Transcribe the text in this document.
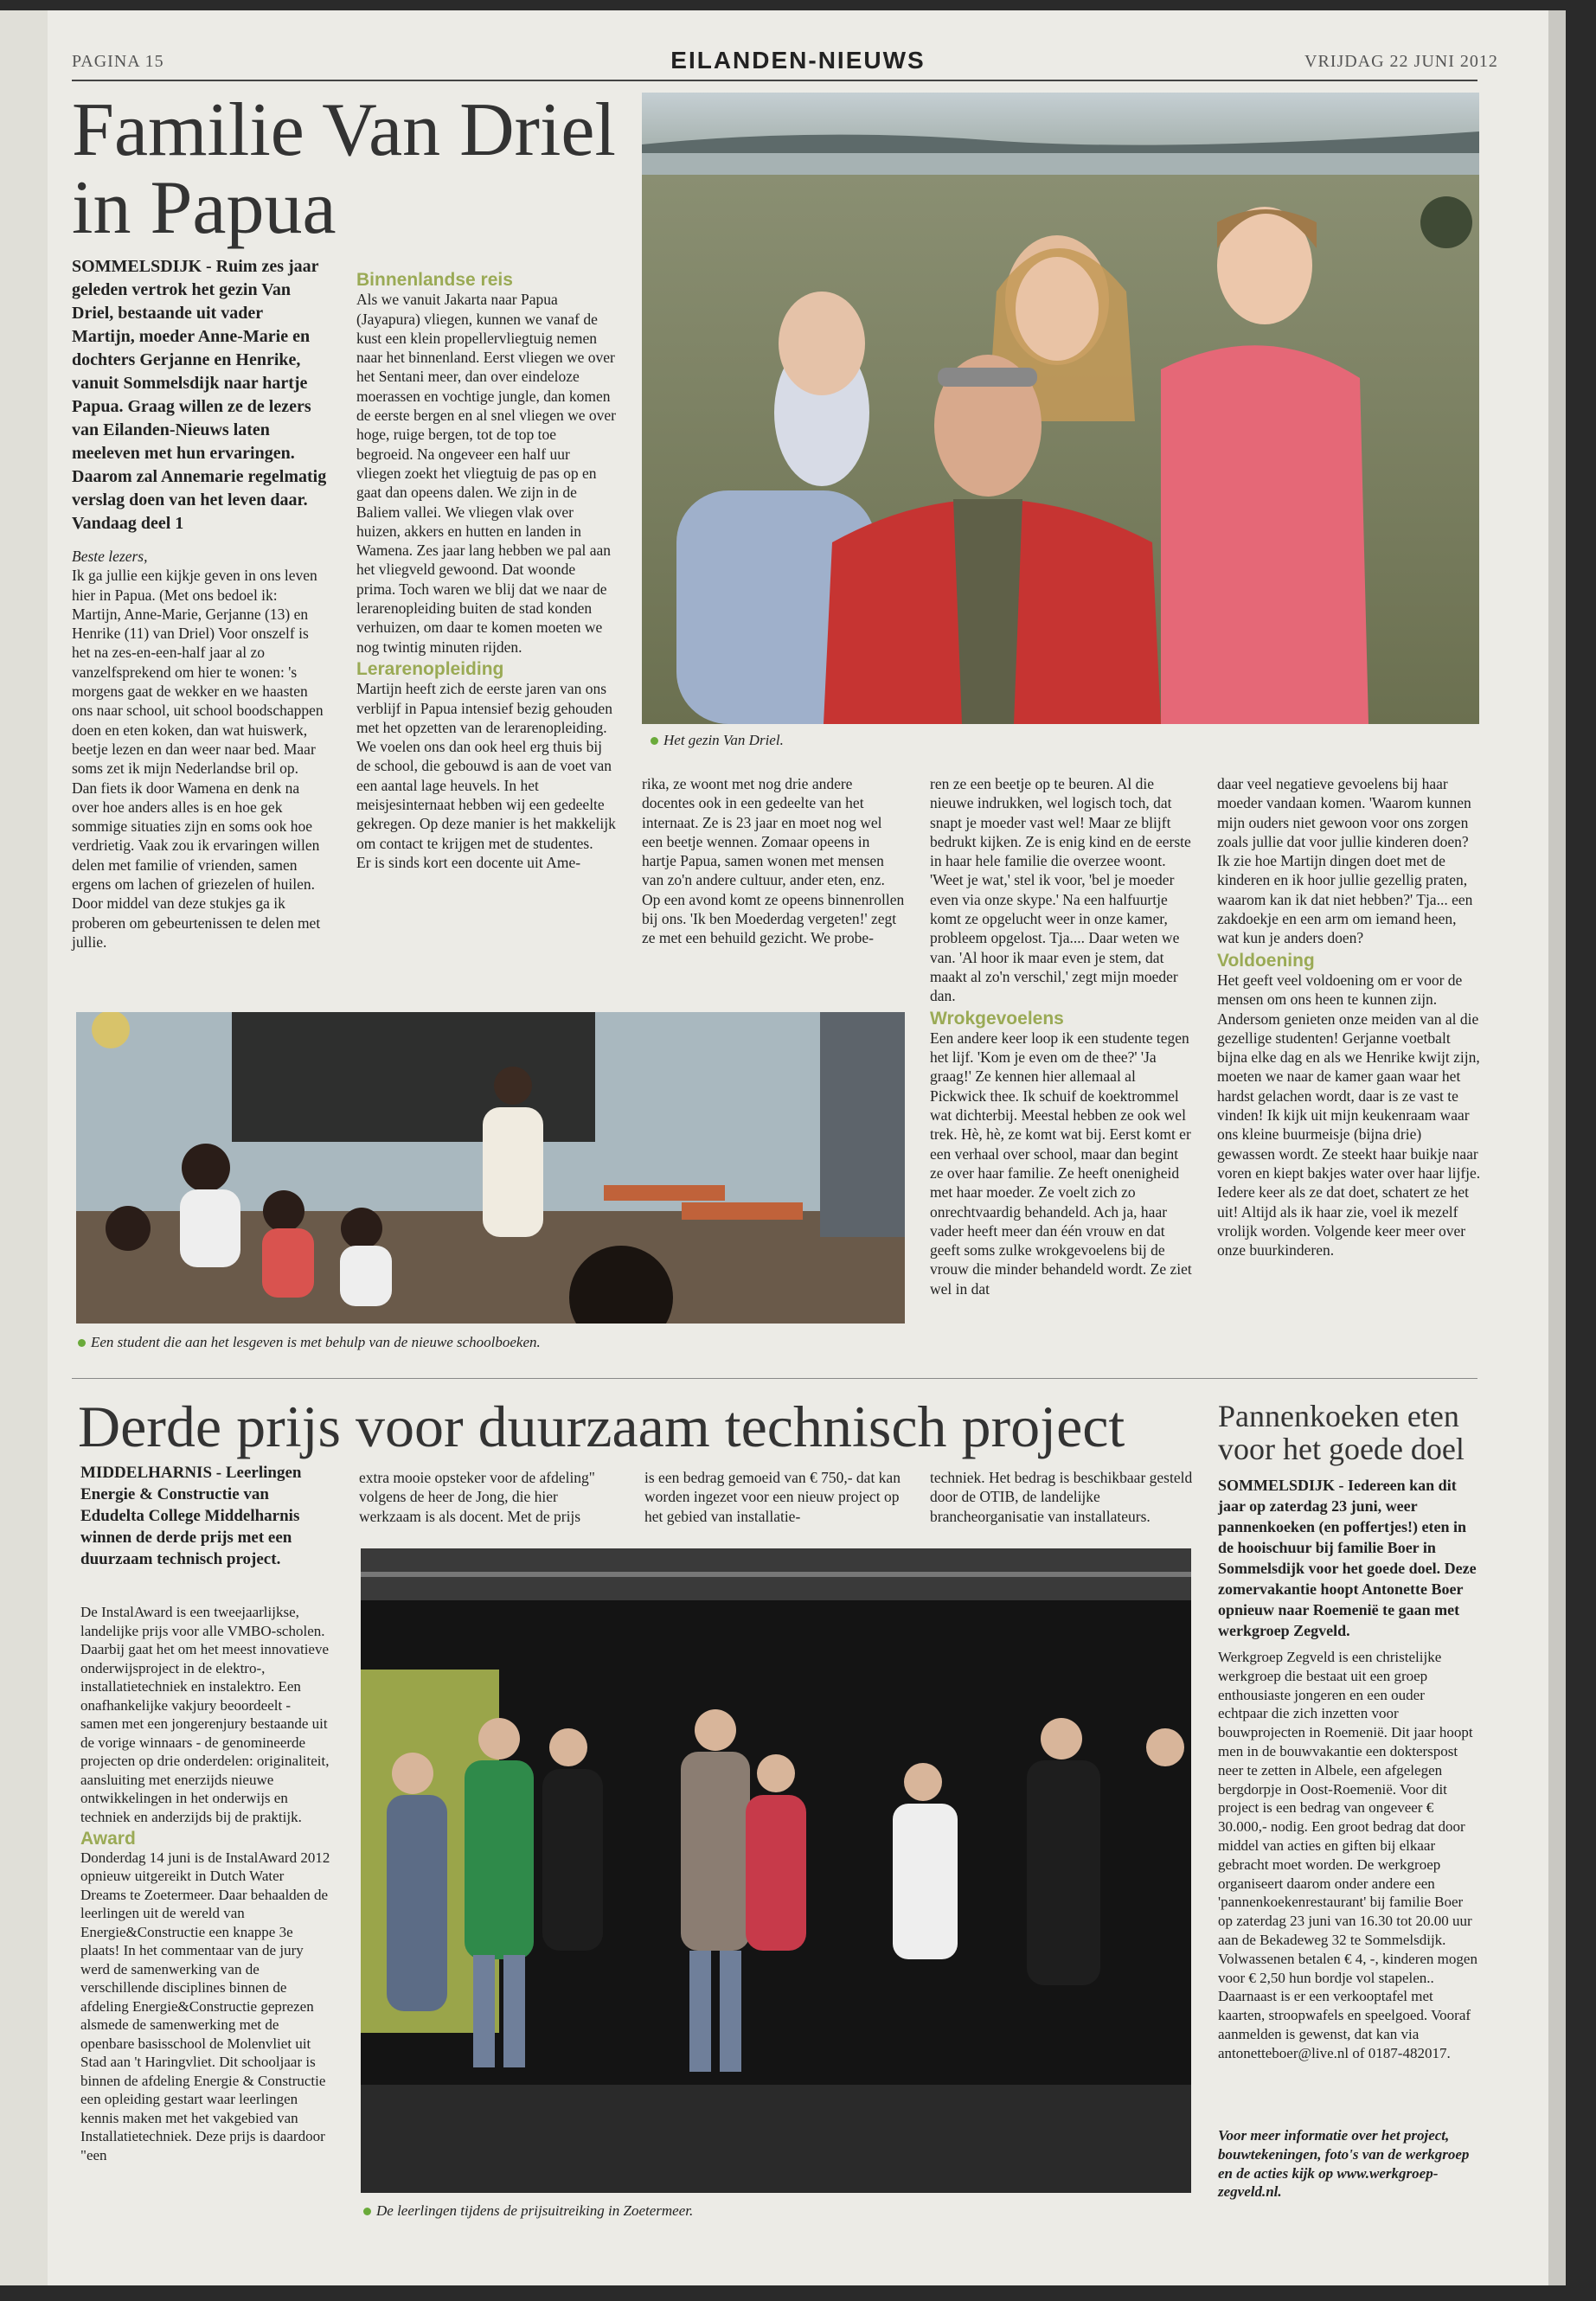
PAGINA 15	EILANDEN-NIEUWS	VRIJDAG 22 JUNI 2012
Familie Van Driel
in Papua
SOMMELSDIJK - Ruim zes jaar geleden vertrok het gezin Van Driel, bestaande uit vader Martijn, moeder Anne-Marie en dochters Gerjanne en Henrike, vanuit Sommelsdijk naar hartje Papua. Graag willen ze de lezers van Eilanden-Nieuws laten meeleven met hun ervaringen. Daarom zal Annemarie regelmatig verslag doen van het leven daar. Vandaag deel 1

Beste lezers,

Ik ga jullie een kijkje geven in ons leven hier in Papua. (Met ons bedoel ik: Martijn, Anne-Marie, Gerjanne (13) en Henrike (11) van Driel) Voor onszelf is het na zes-en-een-half jaar al zo vanzelfsprekend om hier te wonen: 's morgens gaat de wekker en we haasten ons naar school, uit school boodschappen doen en eten koken, dan wat huiswerk, beetje lezen en dan weer naar bed. Maar soms zet ik mijn Nederlandse bril op. Dan fiets ik door Wamena en denk na over hoe anders alles is en hoe gek sommige situaties zijn en soms ook hoe verdrietig. Vaak zou ik ervaringen willen delen met familie of vrienden, samen ergens om lachen of griezelen of huilen. Door middel van deze stukjes ga ik proberen om gebeurtenissen te delen met jullie.

Binnenlandse reis

Als we vanuit Jakarta naar Papua (Jayapura) vliegen, kunnen we vanaf de kust een klein propellervliegtuig nemen naar het binnenland. Eerst vliegen we over het Sentani meer, dan over eindeloze moerassen en vochtige jungle, dan komen de eerste bergen en al snel vliegen we over hoge, ruige bergen, tot de top toe begroeid. Na ongeveer een half uur vliegen zoekt het vliegtuig de pas op en gaat dan opeens dalen. We zijn in de Baliem vallei. We vliegen vlak over huizen, akkers en hutten en landen in Wamena. Zes jaar lang hebben we pal aan het vliegveld gewoond. Dat woonde prima. Toch waren we blij dat we naar de lerarenopleiding buiten de stad konden verhuizen, om daar te komen moeten we nog twintig minuten rijden.

Lerarenopleiding

Martijn heeft zich de eerste jaren van ons verblijf in Papua intensief bezig gehouden met het opzetten van de lerarenopleiding. We voelen ons dan ook heel erg thuis bij de school, die gebouwd is aan de voet van een aantal lage heuvels. In het meisjesinternaat hebben wij een gedeelte gekregen. Op deze manier is het makkelijk om contact te krijgen met de studentes.

Er is sinds kort een docente uit Ame-

Het gezin Van Driel.
rika, ze woont met nog drie andere docentes ook in een gedeelte van het internaat. Ze is 23 jaar en moet nog wel een beetje wennen. Zomaar opeens in hartje Papua, samen wonen met mensen van zo'n andere cultuur, ander eten, enz. Op een avond komt ze opeens binnenrollen bij ons. 'Ik ben Moederdag vergeten!' zegt ze met een behuild gezicht. We probe-

ren ze een beetje op te beuren. Al die nieuwe indrukken, wel logisch toch, dat snapt je moeder vast wel! Maar ze blijft bedrukt kijken. Ze is enig kind en de eerste in haar hele familie die overzee woont. 'Weet je wat,' stel ik voor, 'bel je moeder even via onze skype.' Na een halfuurtje komt ze opgelucht weer in onze kamer, probleem opgelost. Tja.... Daar weten we van. 'Al hoor ik maar even je stem, dat maakt al zo'n verschil,' zegt mijn moeder dan.

Wrokgevoelens

Een andere keer loop ik een studente tegen het lijf. 'Kom je even om de thee?' 'Ja graag!' Ze kennen hier allemaal al Pickwick thee. Ik schuif de koektrommel wat dichterbij. Meestal hebben ze ook wel trek. Hè, hè, ze komt wat bij. Eerst komt er een verhaal over school, maar dan begint ze over haar familie. Ze heeft onenigheid met haar moeder. Ze voelt zich zo onrechtvaardig behandeld. Ach ja, haar vader heeft meer dan één vrouw en dat geeft soms zulke wrokgevoelens bij de vrouw die minder behandeld wordt. Ze ziet wel in dat

daar veel negatieve gevoelens bij haar moeder vandaan komen. 'Waarom kunnen mijn ouders niet gewoon voor ons zorgen zoals jullie dat voor jullie kinderen doen? Ik zie hoe Martijn dingen doet met de kinderen en ik hoor jullie gezellig praten, waarom kan ik dat niet hebben?' Tja... een zakdoekje en een arm om iemand heen, wat kun je anders doen?

Voldoening

Het geeft veel voldoening om er voor de mensen om ons heen te kunnen zijn. Andersom genieten onze meiden van al die gezellige studenten! Gerjanne voetbalt bijna elke dag en als we Henrike kwijt zijn, moeten we naar de kamer gaan waar het hardst gelachen wordt, daar is ze vast te vinden! Ik kijk uit mijn keukenraam waar ons kleine buurmeisje (bijna drie) gewassen wordt. Ze steekt haar buikje naar voren en kiept bakjes water over haar lijfje. Iedere keer als ze dat doet, schatert ze het uit! Altijd als ik haar zie, voel ik mezelf vrolijk worden. Volgende keer meer over onze buurkinderen.

Een student die aan het lesgeven is met behulp van de nieuwe schoolboeken.
Derde prijs voor duurzaam technisch project
MIDDELHARNIS - Leerlingen Energie & Constructie van Edudelta College Middelharnis winnen de derde prijs met een duurzaam technisch project.

De InstalAward is een tweejaarlijkse, landelijke prijs voor alle VMBO-scholen. Daarbij gaat het om het meest innovatieve onderwijsproject in de elektro-, installatietechniek en instalektro. Een onafhankelijke vakjury beoordeelt - samen met een jongerenjury bestaande uit de vorige winnaars - de genomineerde projecten op drie onderdelen: originaliteit, aansluiting met enerzijds nieuwe ontwikkelingen in het onderwijs en techniek en anderzijds bij de praktijk.

Award

Donderdag 14 juni is de InstalAward 2012 opnieuw uitgereikt in Dutch Water Dreams te Zoetermeer. Daar behaalden de leerlingen uit de wereld van Energie&Constructie een knappe 3e plaats! In het commentaar van de jury werd de samenwerking van de verschillende disciplines binnen de afdeling Energie&Constructie geprezen alsmede de samenwerking met de openbare basisschool de Molenvliet uit Stad aan 't Haringvliet. Dit schooljaar is binnen de afdeling Energie & Constructie een opleiding gestart waar leerlingen kennis maken met het vakgebied van Installatietechniek. Deze prijs is daardoor "een

extra mooie opsteker voor de afdeling" volgens de heer de Jong, die hier werkzaam is als docent. Met de prijs
is een bedrag gemoeid van € 750,- dat kan worden ingezet voor een nieuw project op het gebied van installatie-
techniek. Het bedrag is beschikbaar gesteld door de OTIB, de landelijke brancheorganisatie van installateurs.
De leerlingen tijdens de prijsuitreiking in Zoetermeer.
Pannenkoeken eten voor het goede doel
SOMMELSDIJK - Iedereen kan dit jaar op zaterdag 23 juni, weer pannenkoeken (en poffertjes!) eten in de hooischuur bij familie Boer in Sommelsdijk voor het goede doel. Deze zomervakantie hoopt Antonette Boer opnieuw naar Roemenië te gaan met werkgroep Zegveld.
Werkgroep Zegveld is een christelijke werkgroep die bestaat uit een groep enthousiaste jongeren en een ouder echtpaar die zich inzetten voor bouwprojecten in Roemenië. Dit jaar hoopt men in de bouwvakantie een dokterspost neer te zetten in Albele, een afgelegen bergdorpje in Oost-Roemenië. Voor dit project is een bedrag van ongeveer € 30.000,- nodig. Een groot bedrag dat door middel van acties en giften bij elkaar gebracht moet worden. De werkgroep organiseert daarom onder andere een 'pannenkoekenrestaurant' bij familie Boer op zaterdag 23 juni van 16.30 tot 20.00 uur aan de Bekadeweg 32 te Sommelsdijk. Volwassenen betalen € 4, -, kinderen mogen voor € 2,50 hun bordje vol stapelen.. Daarnaast is er een verkooptafel met kaarten, stroopwafels en speelgoed. Vooraf aanmelden is gewenst, dat kan via antonetteboer@live.nl of 0187-482017.
Voor meer informatie over het project, bouwtekeningen, foto's van de werkgroep en de acties kijk op www.werkgroep-zegveld.nl.
